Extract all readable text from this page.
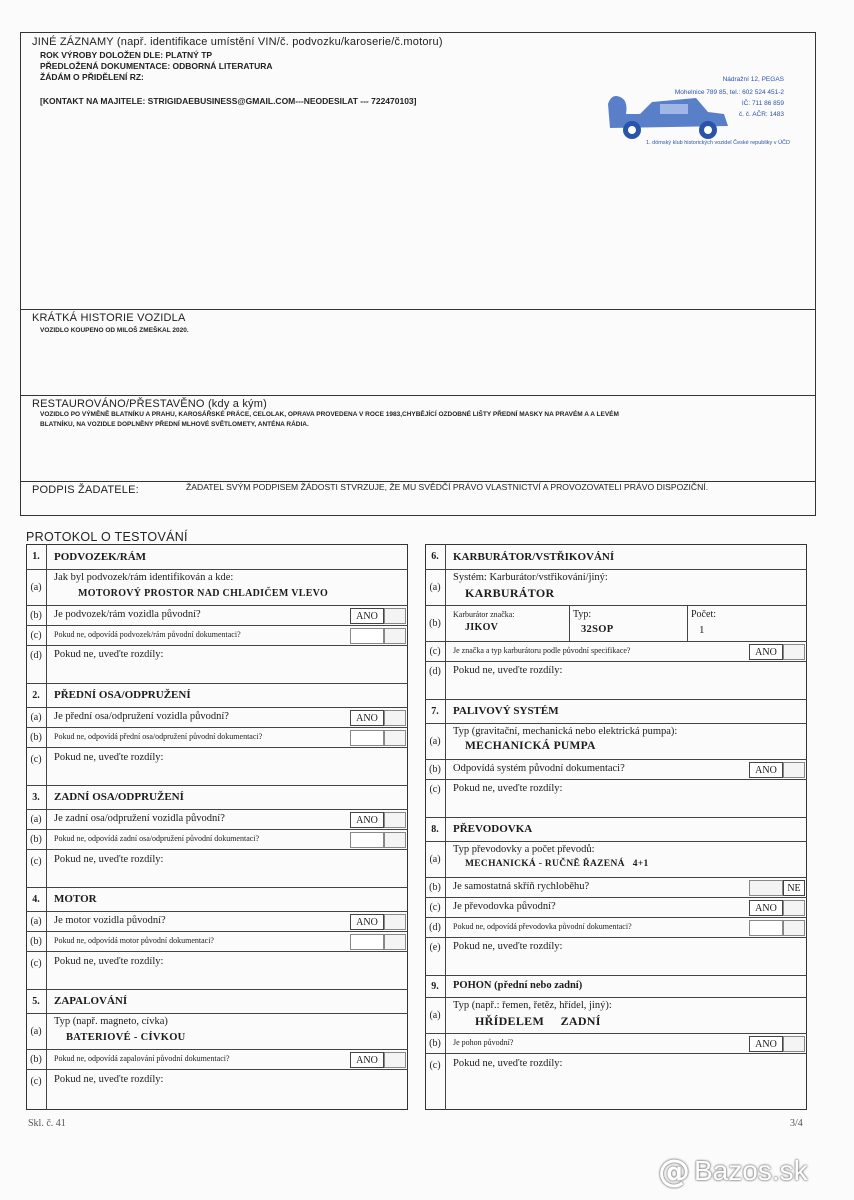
JINÉ ZÁZNAMY (např. identifikace umístění VIN/č. podvozku/karoserie/č.motoru)
ROK VÝROBY DOLOŽEN DLE: PLATNÝ TP
PŘEDLOŽENÁ DOKUMENTACE: ODBORNÁ LITERATURA
ŽÁDÁM O PŘIDĚLENÍ RZ:
[KONTAKT NA MAJITELE: STRIGIDAEBUSINESS@GMAIL.COM---NEODESILAT --- 722470103]
Nádražní 12, PEGAS
Mohelnice 789 85, tel.: 602 524 451-2
IČ: 711 86 859
č. č. AČR: 1483
1. dómský klub historických vozidel České republiky v ÚČD
KRÁTKÁ HISTORIE VOZIDLA
VOZIDLO KOUPENO OD MILOŠ ZMEŠKAL 2020.
RESTAUROVÁNO/PŘESTAVĚNO (kdy a kým)
VOZIDLO PO VÝMĚNĚ BLATNÍKU A PRAHU, KAROSÁŘSKÉ PRÁCE, CELOLAK, OPRAVA PROVEDENA V ROCE 1983,CHYBĚJÍCÍ OZDOBNÉ LIŠTY PŘEDNÍ MASKY NA PRAVÉM A A LEVÉM
BLATNÍKU, NA VOZIDLE DOPLNĚNY PŘEDNÍ MLHOVÉ SVĚTLOMETY, ANTÉNA RÁDIA.
PODPIS ŽADATELE:	ŽADATEL SVÝM PODPISEM ŽÁDOSTI STVRZUJE, ŽE MU SVĚDČÍ PRÁVO VLASTNICTVÍ A PROVOZOVATELI PRÁVO DISPOZIČNÍ.
PROTOKOL O TESTOVÁNÍ
1.	PODVOZEK/RÁM
(a)
Jak byl podvozek/rám identifikován a kde:
MOTOROVÝ PROSTOR NAD CHLADIČEM VLEVO
(b)	Je podvozek/rám vozidla původní?	ANO
(c)	Pokud ne, odpovídá podvozek/rám původní dokumentaci?
(d)	Pokud ne, uveďte rozdíly:
2.	PŘEDNÍ OSA/ODPRUŽENÍ
(a)	Je přední osa/odpružení vozidla původní?	ANO
(b)	Pokud ne, odpovídá přední osa/odpružení původní dokumentaci?
(c)	Pokud ne, uveďte rozdíly:
3.	ZADNÍ OSA/ODPRUŽENÍ
(a)	Je zadní osa/odpružení vozidla původní?	ANO
(b)	Pokud ne, odpovídá zadní osa/odpružení původní dokumentaci?
(c)	Pokud ne, uveďte rozdíly:
4.	MOTOR
(a)	Je motor vozidla původní?	ANO
(b)	Pokud ne, odpovídá motor původní dokumentaci?
(c)	Pokud ne, uveďte rozdíly:
5.	ZAPALOVÁNÍ
(a)
Typ (např. magneto, cívka)
BATERIOVÉ - CÍVKOU
(b)	Pokud ne, odpovídá zapalování původní dokumentaci?	ANO
(c)	Pokud ne, uveďte rozdíly:
6.	KARBURÁTOR/VSTŘIKOVÁNÍ
(a)
Systém: Karburátor/vstřikování/jiný:
KARBURÁTOR
(b)
Karburátor značka:
JIKOV
Typ:
32SOP
Počet:
1
(c)	Je značka a typ karburátoru podle původní specifikace?	ANO
(d)	Pokud ne, uveďte rozdíly:
7.	PALIVOVÝ SYSTÉM
(a)
Typ (gravitační, mechanická nebo elektrická pumpa):
MECHANICKÁ PUMPA
(b)	Odpovídá systém původní dokumentaci?	ANO
(c)	Pokud ne, uveďte rozdíly:
8.	PŘEVODOVKA
(a)
Typ převodovky a počet převodů:
MECHANICKÁ - RUČNĚ ŘAZENÁ   4+1
(b)	Je samostatná skříň rychloběhu?	NE
(c)	Je převodovka původní?	ANO
(d)	Pokud ne, odpovídá převodovka původní dokumentaci?
(e)	Pokud ne, uveďte rozdíly:
9.	POHON (přední nebo zadní)
(a)
Typ (např.: řemen, řetěz, hřídel, jiný):
HŘÍDELEM     ZADNÍ
(b)	Je pohon původní?	ANO
(c)	Pokud ne, uveďte rozdíly:
Skl. č. 41	3/4
@ Bazos.sk
